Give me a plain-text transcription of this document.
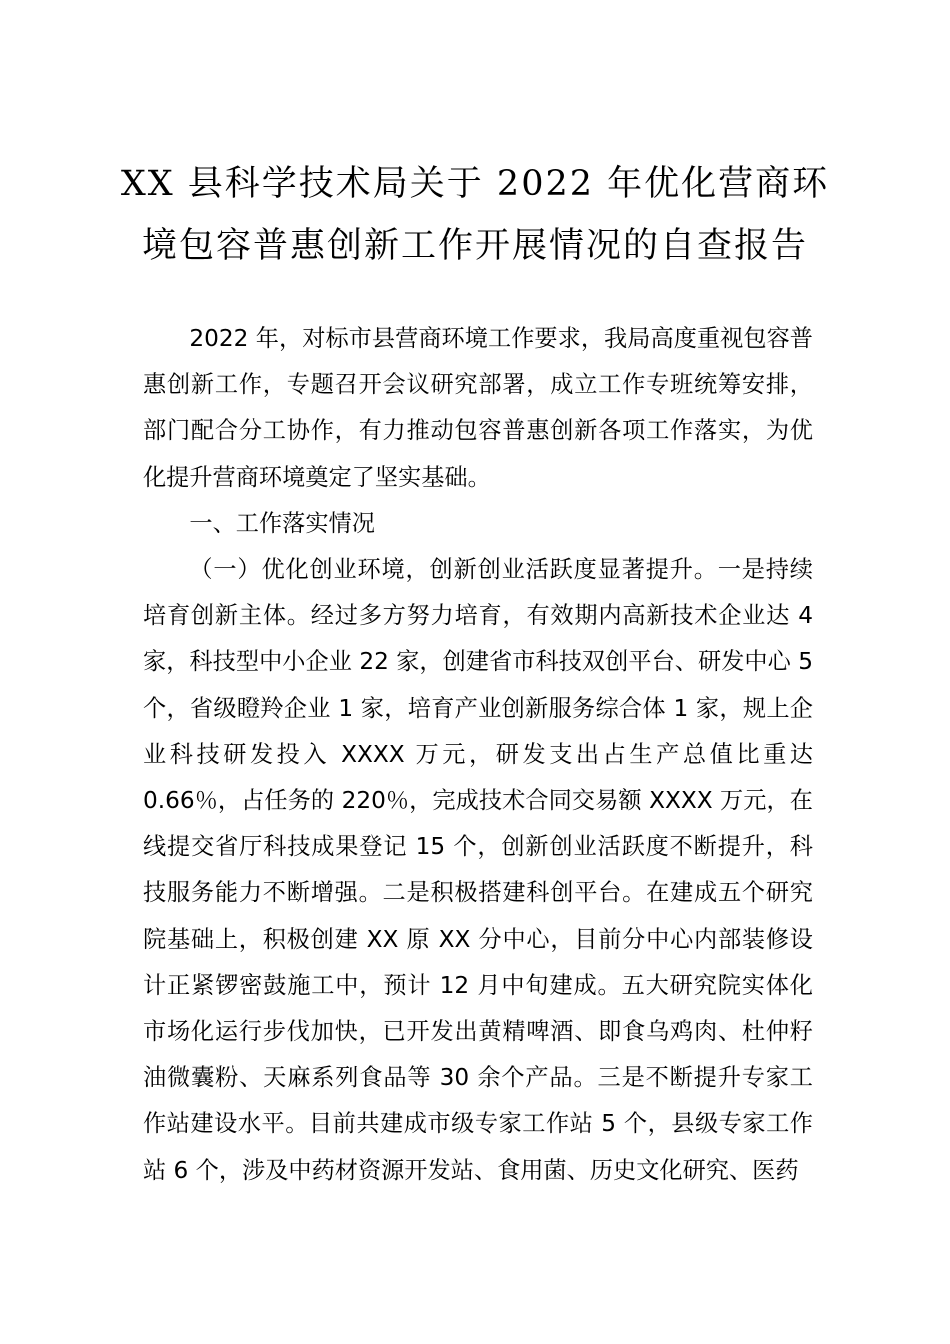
XX 县科学技术局关于 2022 年优化营商环
境包容普惠创新工作开展情况的自查报告

2022 年，对标市县营商环境工作要求，我局高度重视包容普惠创新工作，专题召开会议研究部署，成立工作专班统筹安排，部门配合分工协作，有力推动包容普惠创新各项工作落实，为优化提升营商环境奠定了坚实基础。

一、工作落实情况

（一）优化创业环境，创新创业活跃度显著提升。一是持续培育创新主体。经过多方努力培育，有效期内高新技术企业达 4 家，科技型中小企业 22 家，创建省市科技双创平台、研发中心 5 个，省级瞪羚企业 1 家，培育产业创新服务综合体 1 家，规上企业科技研发投入 XXXX 万元，研发支出占生产总值比重达 0.66％，占任务的 220％，完成技术合同交易额 XXXX 万元，在线提交省厅科技成果登记 15 个，创新创业活跃度不断提升，科技服务能力不断增强。二是积极搭建科创平台。在建成五个研究院基础上，积极创建 XX 原 XX 分中心，目前分中心内部装修设计正紧锣密鼓施工中，预计 12 月中旬建成。五大研究院实体化市场化运行步伐加快，已开发出黄精啤酒、即食乌鸡肉、杜仲籽油微囊粉、天麻系列食品等 30 余个产品。三是不断提升专家工作站建设水平。目前共建成市级专家工作站 5 个，县级专家工作站 6 个，涉及中药材资源开发站、食用菌、历史文化研究、医药
